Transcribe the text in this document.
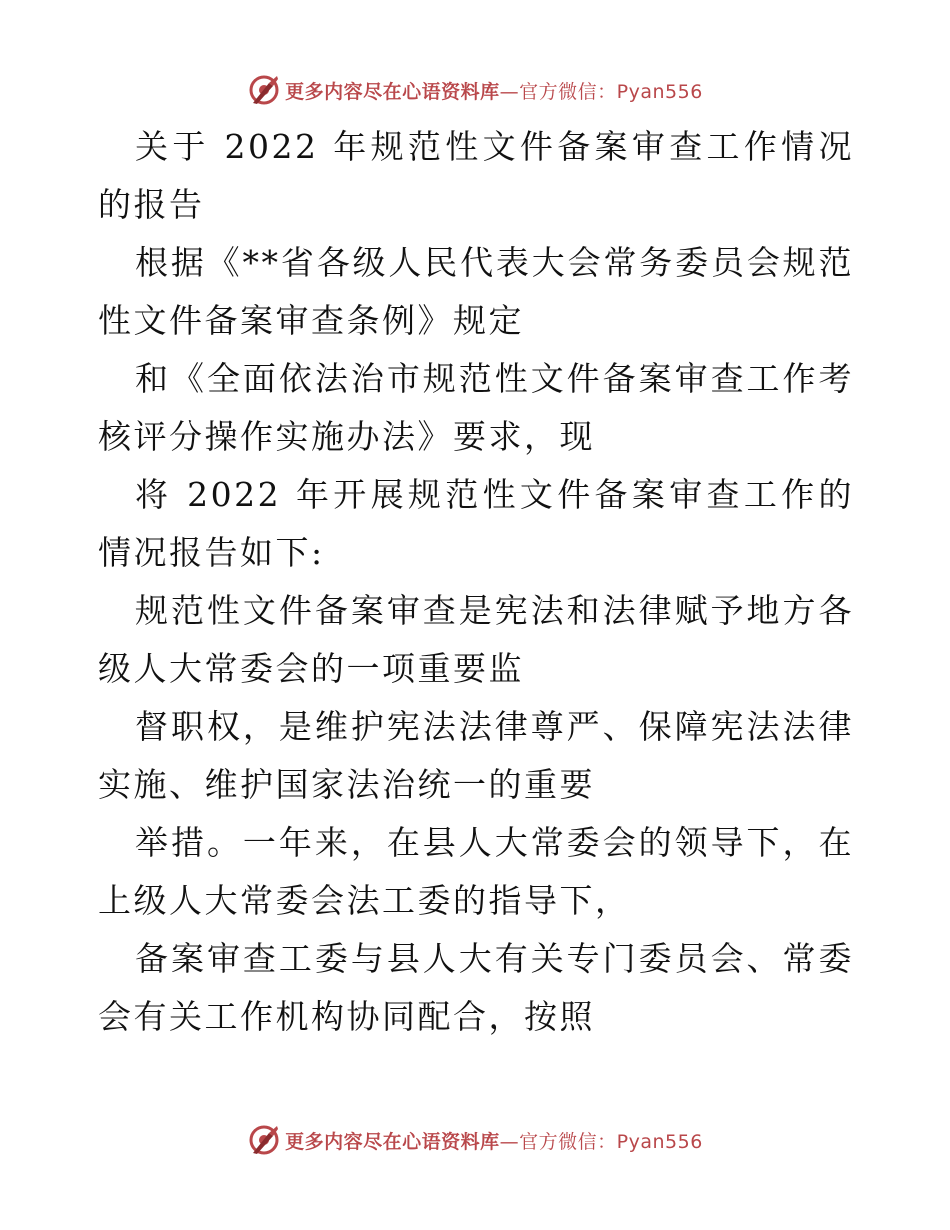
更多内容尽在心语资料库—官方微信：Pyan556

关于 2022 年规范性文件备案审查工作情况的报告

根据《**省各级人民代表大会常务委员会规范性文件备案审查条例》规定

和《全面依法治市规范性文件备案审查工作考核评分操作实施办法》要求，现

将 2022 年开展规范性文件备案审查工作的情况报告如下:

规范性文件备案审查是宪法和法律赋予地方各级人大常委会的一项重要监

督职权，是维护宪法法律尊严、保障宪法法律实施、维护国家法治统一的重要

举措。一年来，在县人大常委会的领导下，在上级人大常委会法工委的指导下，

备案审查工委与县人大有关专门委员会、常委会有关工作机构协同配合，按照

更多内容尽在心语资料库—官方微信：Pyan556
